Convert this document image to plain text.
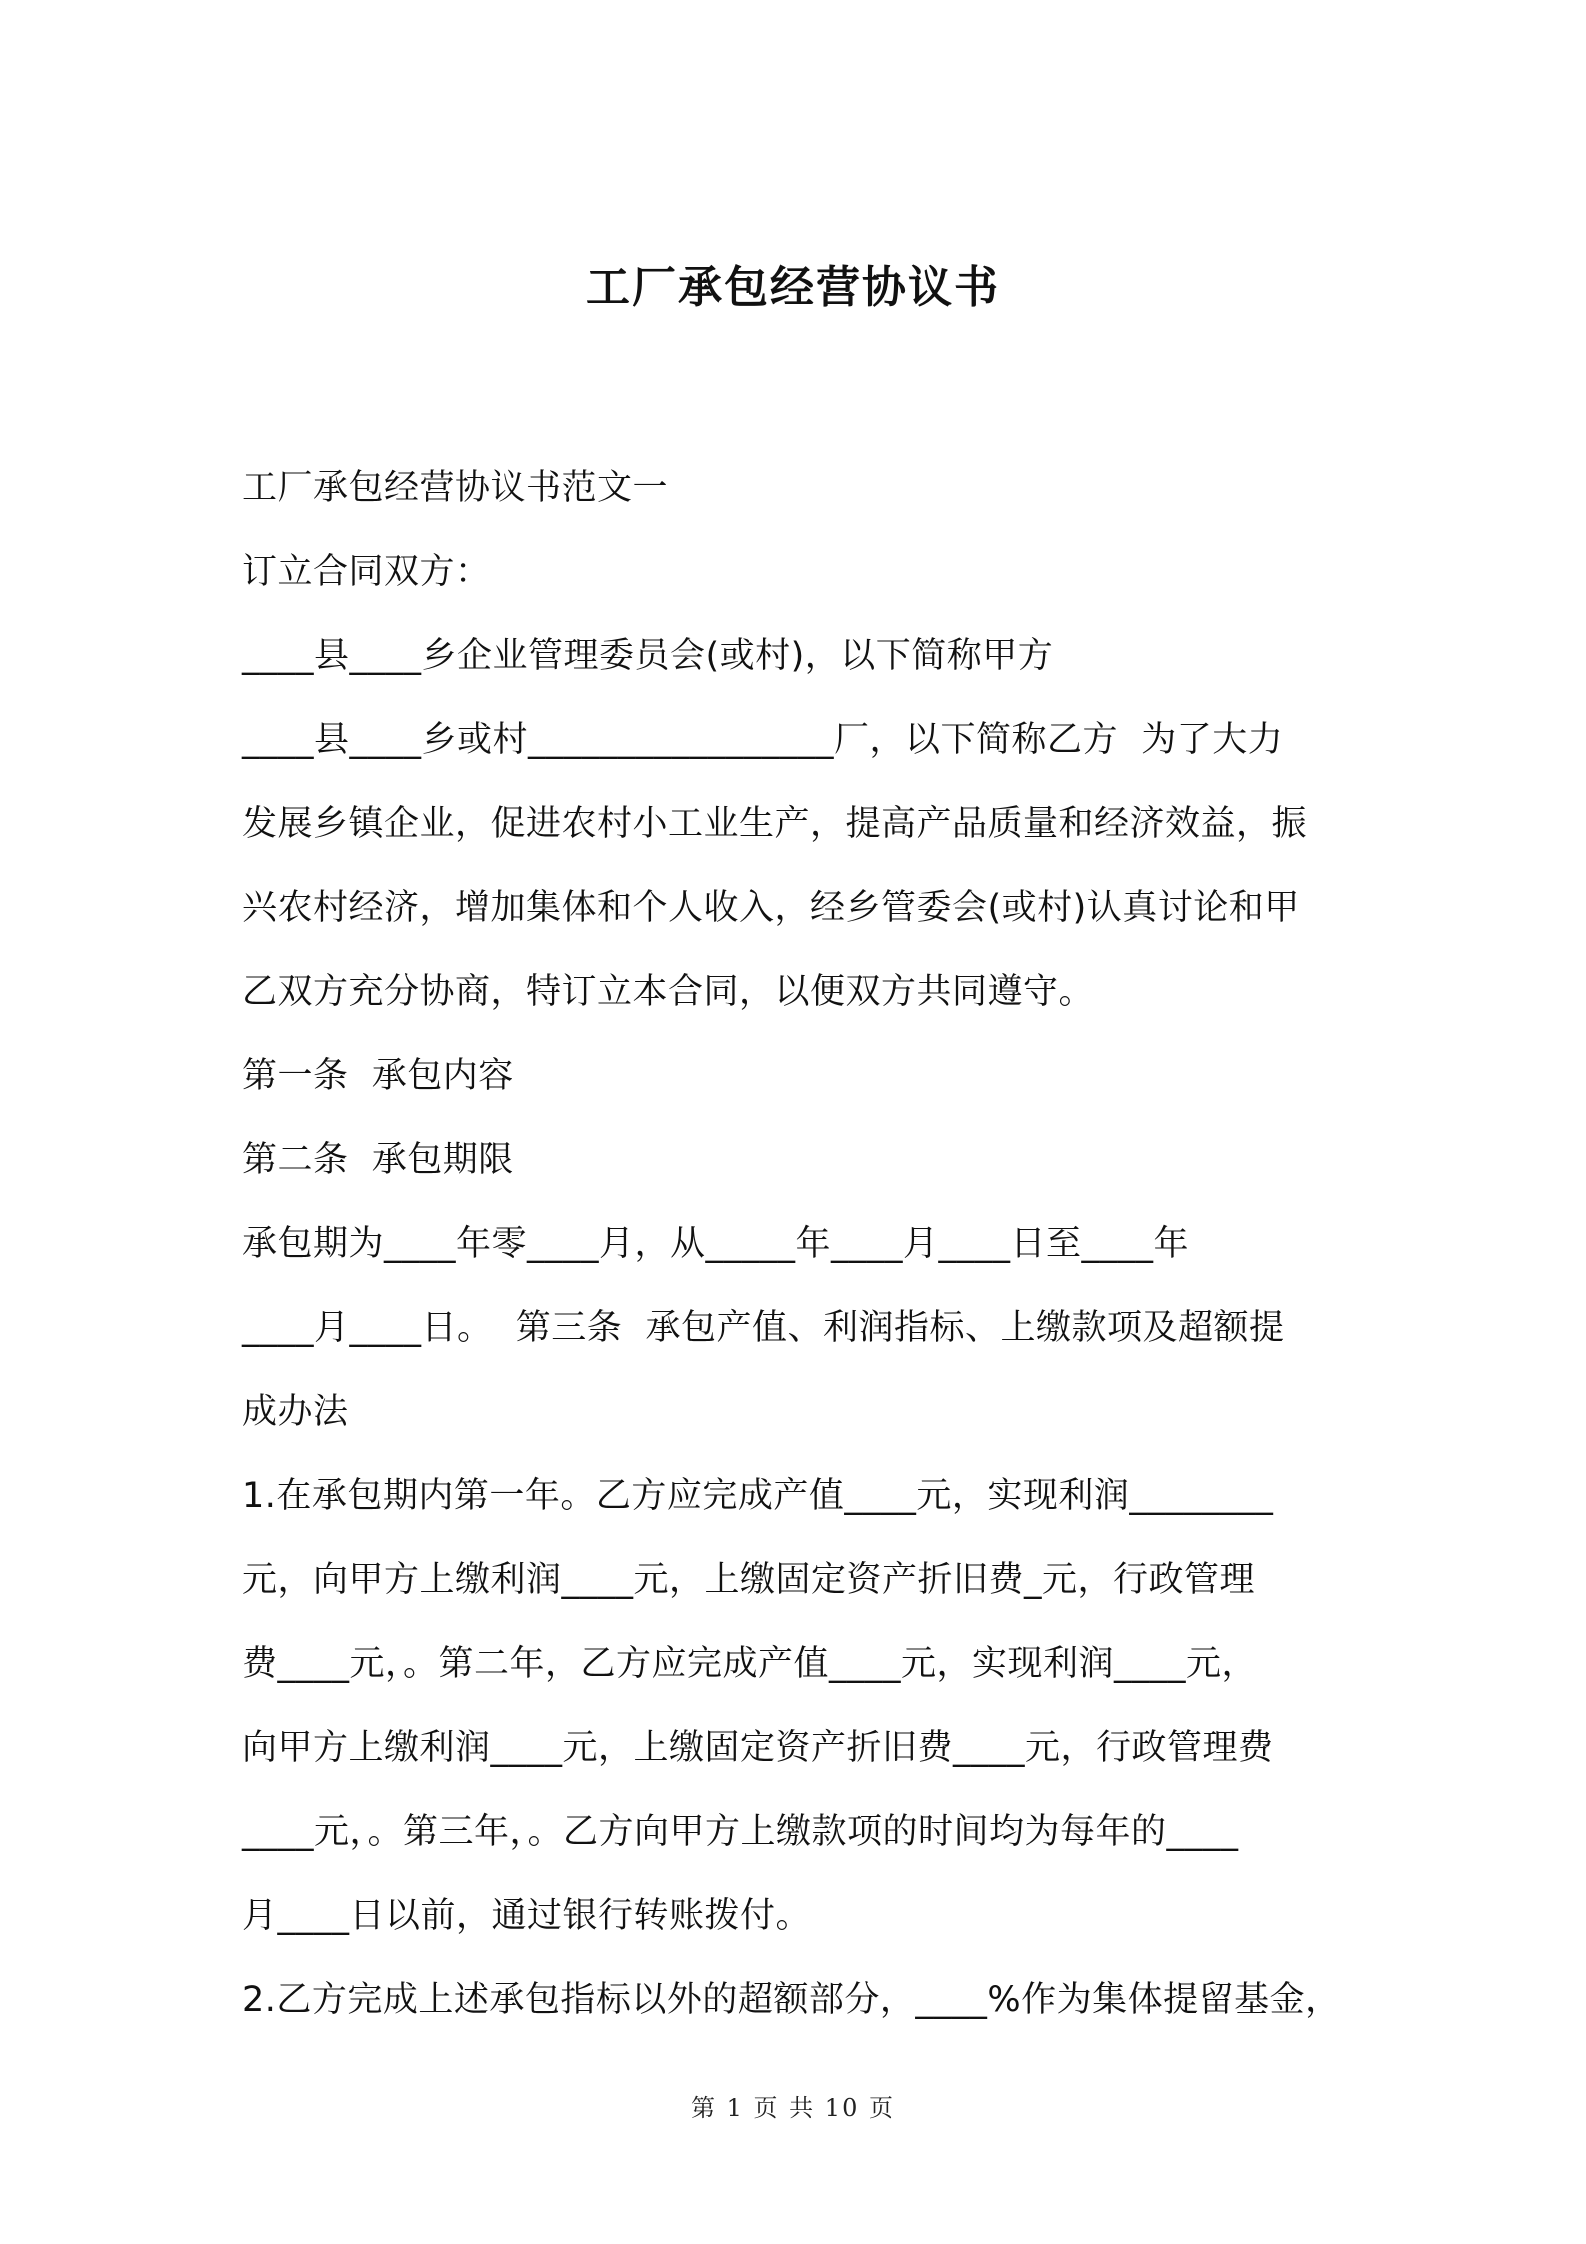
工厂承包经营协议书

工厂承包经营协议书范文一

订立合同双方：

____县____乡企业管理委员会(或村)，以下简称甲方

____县____乡或村_________________厂，以下简称乙方  为了大力

发展乡镇企业，促进农村小工业生产，提高产品质量和经济效益，振

兴农村经济，增加集体和个人收入，经乡管委会(或村)认真讨论和甲

乙双方充分协商，特订立本合同，以便双方共同遵守。

第一条  承包内容

第二条  承包期限

承包期为____年零____月，从_____年____月____日至____年

____月____日。  第三条  承包产值、利润指标、上缴款项及超额提

成办法

1.在承包期内第一年。乙方应完成产值____元，实现利润________

元，向甲方上缴利润____元，上缴固定资产折旧费_元，行政管理

费____元，。第二年，乙方应完成产值____元，实现利润____元，

向甲方上缴利润____元，上缴固定资产折旧费____元，行政管理费

____元，。第三年，。乙方向甲方上缴款项的时间均为每年的____

月____日以前，通过银行转账拨付。

2.乙方完成上述承包指标以外的超额部分，____%作为集体提留基金，

第 1 页 共 10 页
